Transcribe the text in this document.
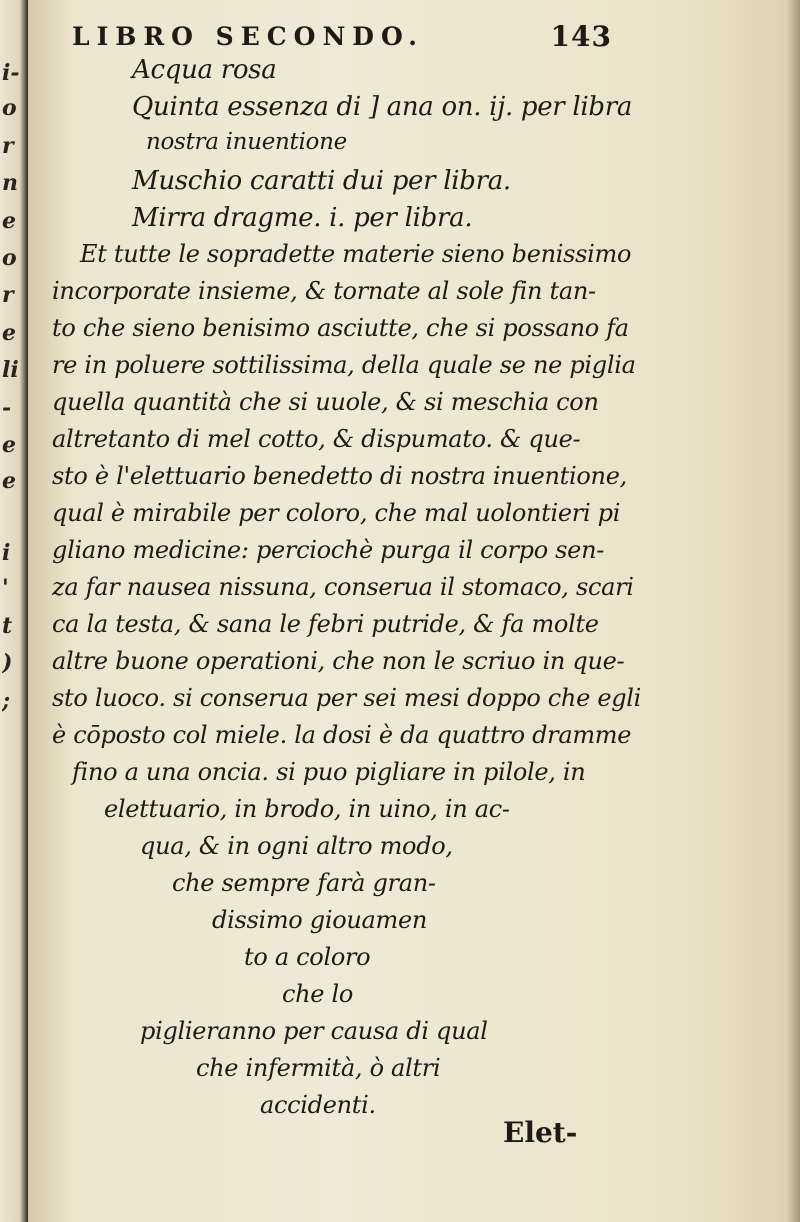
i-
o
r
n
e
o
r
e
li
-
e
e
i
'
t
)
;
LIBRO SECONDO.	143
Acqua rosa
Quinta essenza di ] ana on. ij. per libra
nostra inuentione
Muschio caratti dui per libra.
Mirra dragme. i. per libra.
Et tutte le sopradette materie sieno benissimo
incorporate insieme, & tornate al sole fin tan-
to che sieno benisimo asciutte, che si possano fa
re in poluere sottilissima, della quale se ne piglia
quella quantità che si uuole, & si meschia con
altretanto di mel cotto, & dispumato. & que-
sto è l'elettuario benedetto di nostra inuentione,
qual è mirabile per coloro, che mal uolontieri pi
gliano medicine: perciochè purga il corpo sen-
za far nausea nissuna, conserua il stomaco, scari
ca la testa, & sana le febri putride, & fa molte
altre buone operationi, che non le scriuo in que-
sto luoco. si conserua per sei mesi doppo che egli
è cōposto col miele. la dosi è da quattro dramme
fino a una oncia. si puo pigliare in pilole, in
elettuario, in brodo, in uino, in ac-
qua, & in ogni altro modo,
che sempre farà gran-
dissimo giouamen
to a coloro
che lo
piglieranno per causa di qual
che infermità, ò altri
accidenti.
Elet-
